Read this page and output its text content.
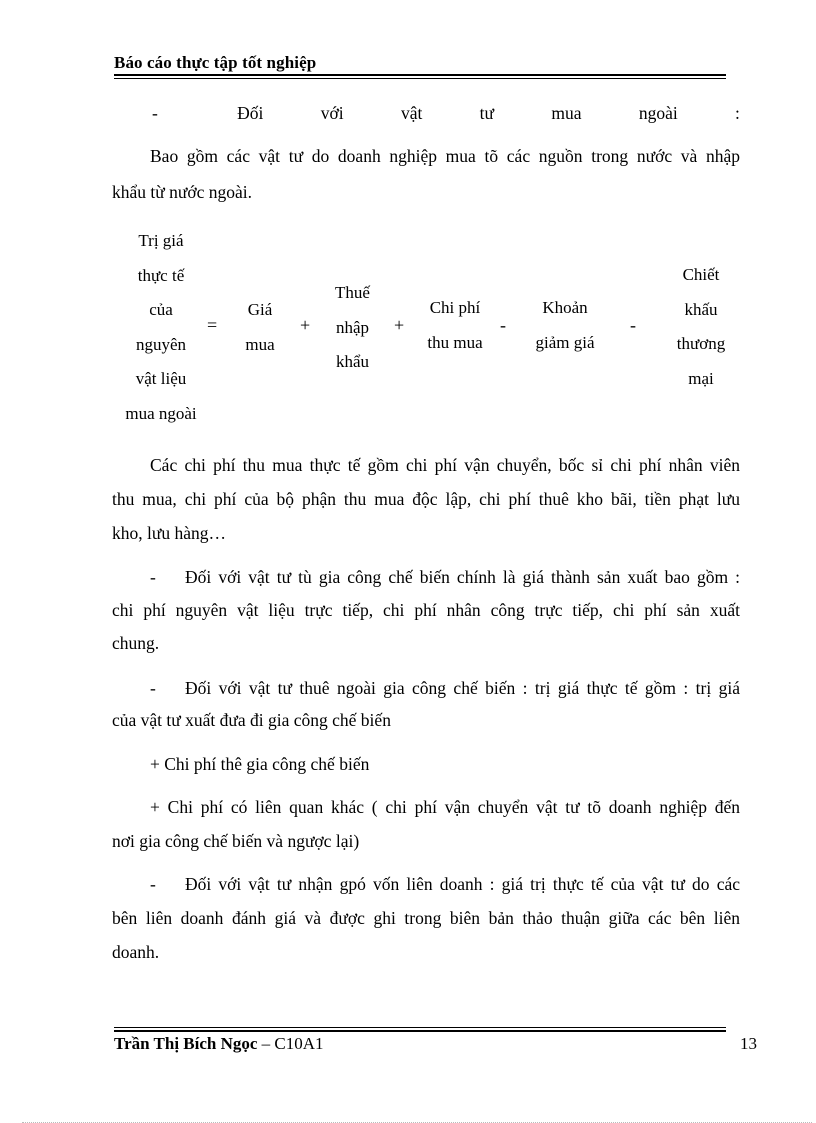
Báo cáo thực tập tốt nghiệp
-	Đối	với	vật	tư	mua	ngoài	:
Bao gồm các vật tư do doanh nghiệp mua tõ các nguồn trong nước và nhập
khẩu từ nước ngoài.
Trị giá
thực tế
của
nguyên
vật liệu
mua ngoài
=
Giá
mua
+
Thuế
nhập
khẩu
+
Chi phí
thu mua
-
Khoản
giảm giá
-
Chiết
khấu
thương
mại
Các chi phí thu mua thực tế gồm chi phí vận chuyển, bốc sỉ chi phí nhân viên
thu mua, chi phí của bộ phận thu mua độc lập, chi phí thuê kho bãi, tiền phạt lưu
kho, lưu hàng…
-	Đối với vật tư tù gia công chế biến chính là giá thành sản xuất bao gồm :
chi phí nguyên vật liệu trực tiếp, chi phí nhân công trực tiếp, chi phí sản xuất
chung.
-	Đối với vật tư thuê ngoài gia công chế biến : trị giá thực tế gồm : trị giá
của vật tư xuất đưa đi gia công chế biến
+ Chi phí thê gia công chế biến
+ Chi phí có liên quan khác ( chi phí vận chuyển vật tư tõ doanh nghiệp đến
nơi gia công chế biến và ngược lại)
-	Đối với vật tư nhận gpó vốn liên doanh : giá trị thực tế của vật tư do các
bên liên doanh đánh giá và được ghi trong biên bản thảo thuận giữa các bên liên
doanh.
Trần Thị Bích Ngọc – C10A1	13
